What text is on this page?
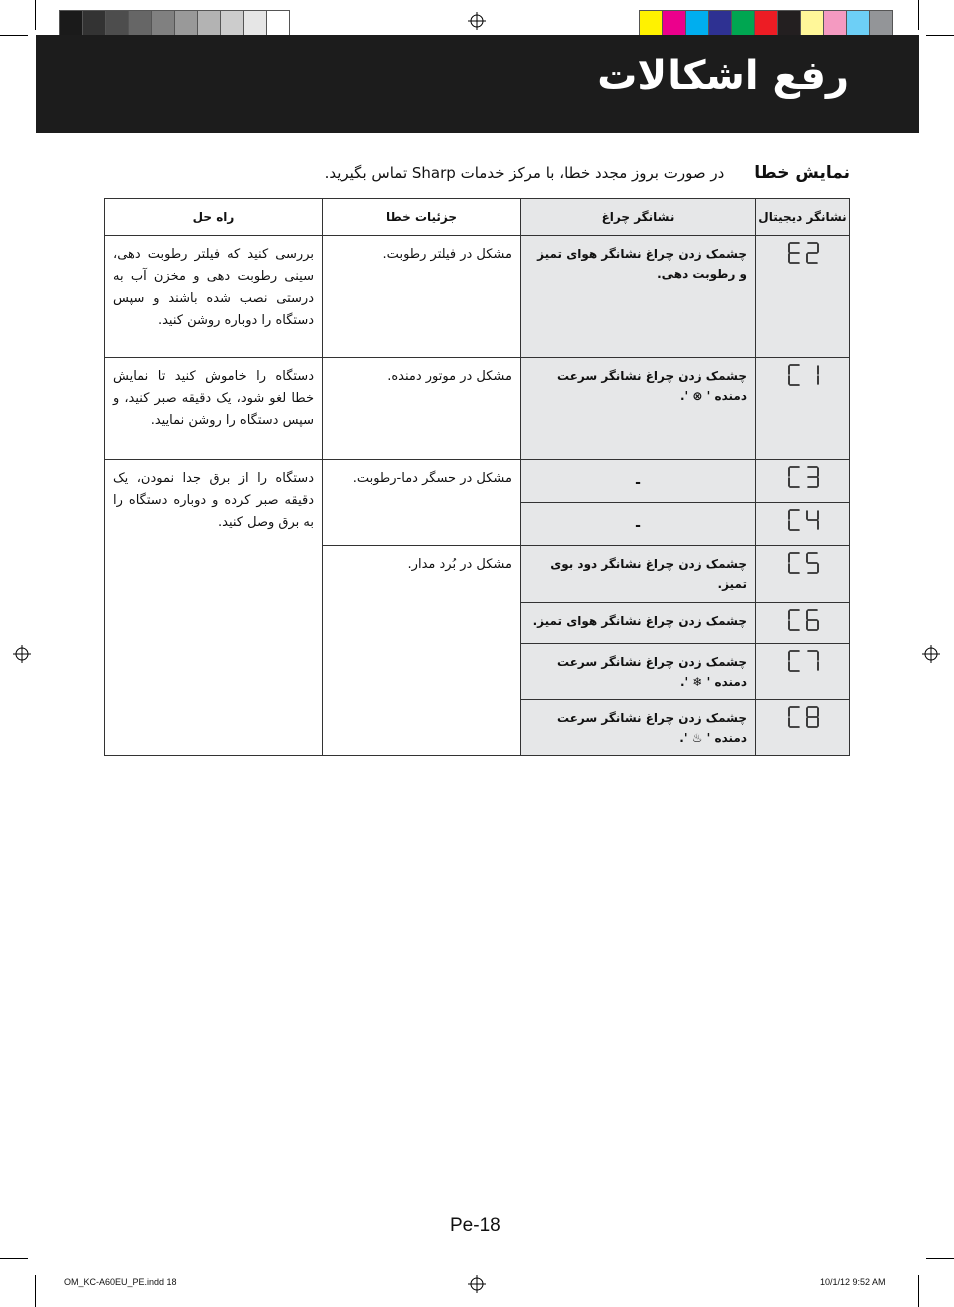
رفع اشکالات
نمایش خطادر صورت بروز مجدد خطا، با مرکز خدمات Sharp تماس بگیرید.
نشانگر دیجیتال	نشانگر چراغ	جزئیات خطا	راه حل

	چشمک زدن چراغ نشانگر هوای تمیز و رطوبت دهی.	مشکل در فیلتر رطوبت.	بررسی کنید که فیلتر رطوبت دهی، سینی رطوبت دهی و مخزن آب به درستی نصب شده باشند و سپس دستگاه را دوباره روشن کنید.

	چشمک زدن چراغ نشانگر سرعت دمنده ' ⊗ '.	مشکل در موتور دمنده.	دستگاه را خاموش کنید تا نمایش خطا لغو شود، یک دقیقه صبر کنید، و سپس دستگاه را روشن نمایید.

	-	مشکل در حسگر دما-رطوبت.	دستگاه را از برق جدا نمودن، یک دقیقه صبر کرده و دوباره دستگاه را به برق وصل کنید.

	-		

	چشمک زدن چراغ نشانگر دود بوی تمیز.	مشکل در بُرد مدار.	

	چشمک زدن چراغ نشانگر هوای تمیز.		

	چشمک زدن چراغ نشانگر سرعت دمنده ' ❄ '.		

	چشمک زدن چراغ نشانگر سرعت دمنده ' ♨ '.		
Pe-18
OM_KC-A60EU_PE.indd 18	10/1/12 9:52 AM
